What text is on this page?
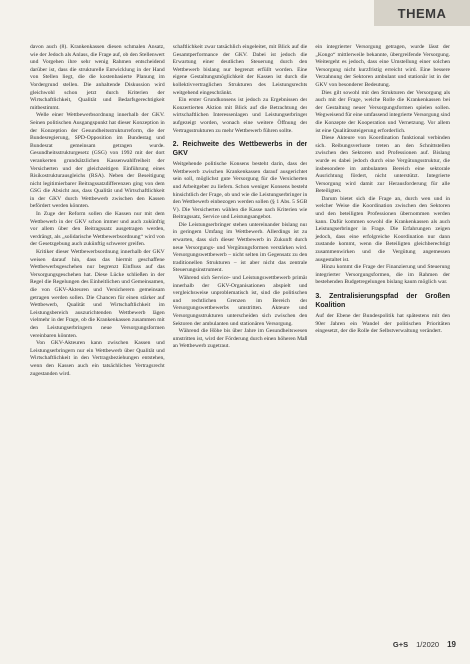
THEMA

davon auch (8). Krankenkassen diesen schmalen Ansatz, wie der Jedoch als Anlass, die Frage auf, ob den Stellenwert und Vorgehen ihre sehr wenig Rahmen entscheidend darüber ist, dass die strukturelle Entwicklung in der Hand von Stellen liegt, die die kostenbasierte Planung im Vordergrund stellen. Die anhaltende Diskussion wird gleichwohl schon jetzt durch Kriterien der Wirtschaftlichkeit, Qualität und Bedarfsgerechtigkeit mitbestimmt.

Welle einer Wettbewerbsordnung innerhalb der GKV. Seinen politischen Ausgangspunkt hat dieser Konzeption in der Konzeption der Gesundheitsstrukturreform, die der Bundesregierung, SPD-Opposition im Bundestag und Bundesrat gemeinsam getragen wurde. Gesundheitsstrukturgesetz (GSG) von 1992 mit der dort verankerten grundsätzlichen Kassenwahlfreiheit der Versicherten und der gleichzeitigen Einführung eines Risikostrukturausgleichs (RSA). Neben der Beseitigung nicht legitimierbarer Beitragssatzdifferenzen ging von dem GSG die Absicht aus, dass Qualität und Wirtschaftlichkeit in der GKV durch Wettbewerb zwischen den Kassen befördert werden könnten.

In Zuge der Reform sollen die Kassen nur mit dem Wettbewerb in der GKV schon immer und auch zukünftig vor allem über den Beitragssatz ausgetragen werden, verdrängt, als „solidarische Wettbewerbsordnung“ wird von der Gesetzgebung auch zukünftig schwerer greifen.

Kritiker dieser Wettbewerbsordnung innerhalb der GKV weisen darauf hin, dass das hiermit geschaffene Wettbewerbsgeschehen nur begrenzt Einfluss auf das Versorgungsgeschehen hat. Diese Lücke schließen in der Regel die Regelungen des Einheitlichen und Gemeinsamen, die von GKV-Akteuren und Versicherern gemeinsam getragen werden sollen. Die Chancen für einen stärker auf Wettbewerb, Qualität und Wirtschaftlichkeit im Leistungsbereich auszurichtenden Wettbewerb lägen vielmehr in der Frage, ob die Krankenkassen zusammen mit den Leistungserbringern neue Versorgungsformen vereinbaren könnten.

Von GKV-Akteuren kann zwischen Kassen und Leistungserbringern nur ein Wettbewerb über Qualität und Wirtschaftlichkeit in den Vertragsbeziehungen entstehen, wenn den Kassen auch ein tatsächliches Vertragsrecht zugestanden wird.

schaftlichkeit zwar tatsächlich eingeleitet, mit Blick auf die Gesamtperformance der GKV. Dabei ist jedoch die Erwartung einer deutlichen Steuerung durch den Wettbewerb bislang nur begrenzt erfüllt worden. Eine eigene Gestaltungsmöglichkeit der Kassen ist durch die kollektivvertraglichen Strukturen des Leistungsrechts weitgehend eingeschränkt.

Ein erster Grundkonsens ist jedoch zu Ergebnissen der Konzertierten Aktion mit Blick auf die Betrachtung der wirtschaftlichen Interessenlagen und Leistungserbringer aufgezeigt worden, wonach eine weitere Öffnung der Vertragsstrukturen zu mehr Wettbewerb führen sollte.

2. Reichweite des Wettbewerbs in der GKV

Weitgehende politische Konsens besteht darin, dass der Wettbewerb zwischen Krankenkassen darauf ausgerichtet sein soll, möglichst gute Versorgung für die Versicherten und Arbeitgeber zu liefern. Schon weniger Konsens besteht hinsichtlich der Frage, ob und wie die Leistungserbringer in den Wettbewerb einbezogen werden sollen (§ 1 Abs. 5 SGB V). Die Versicherten wählen die Kasse nach Kriterien wie Beitragssatz, Service und Leistungsangebot.

Die Leistungserbringer stehen untereinander bislang nur in geringem Umfang im Wettbewerb. Allerdings ist zu erwarten, dass sich dieser Wettbewerb in Zukunft durch neue Versorgungs- und Vergütungsformen verstärken wird. Versorgungswettbewerb – nicht selten im Gegensatz zu den traditionellen Strukturen – ist aber nicht das zentrale Steuerungsinstrument.

Während sich Service- und Leistungswettbewerb primär innerhalb der GKV-Organisationen abspielt und vergleichsweise unproblematisch ist, sind die politischen und rechtlichen Grenzen im Bereich der Versorgungswettbewerbs umstritten. Akteure und Versorgungsstrukturen unterscheiden sich zwischen den Sektoren der ambulanten und stationären Versorgung.

Während die Höhe bis über Jahre im Gesundheitswesen umstritten ist, wird der Förderung durch einen höheren Maß an Wettbewerb zugetraut.

ein integrierter Versorgung getragen, wurde lässt der „Kongo“ mittlerweile bekannte, übergreifende Versorgung. Weitergeht es jedoch, dass eine Umstellung einer solchen Versorgung nicht kurzfristig erreicht wird. Eine bessere Verzahnung der Sektoren ambulant und stationär ist in der GKV von besonderer Bedeutung.

Dies gilt sowohl mit den Strukturen der Versorgung als auch mit der Frage, welche Rolle die Krankenkassen bei der Gestaltung neuer Versorgungsformen spielen sollen. Wegweisend für eine umfassend integrierte Versorgung sind die Konzepte der Kooperation und Vernetzung. Vor allem ist eine Qualitätssteigerung erforderlich.

Diese Akteure von Koordination funktional verbinden sich. Reibungsverluste treten an den Schnittstellen zwischen den Sektoren und Professionen auf. Bislang wurde es dabei jedoch durch eine Vergütungsstruktur, die insbesondere im ambulanten Bereich eine sektorale Ausrichtung fördert, nicht unterstützt. Integrierte Versorgung wird damit zur Herausforderung für alle Beteiligten.

Darum bietet sich die Frage an, durch wen und in welcher Weise die Koordination zwischen den Sektoren und den beteiligten Professionen übernommen werden kann. Dafür kommen sowohl die Krankenkassen als auch Leistungserbringer in Frage. Die Erfahrungen zeigen jedoch, dass eine erfolgreiche Koordination nur dann zustande kommt, wenn die Beteiligten gleichberechtigt zusammenwirken und die Vergütung angemessen ausgestaltet ist.

Hinzu kommt die Frage der Finanzierung und Steuerung integrierter Versorgungsformen, die im Rahmen der bestehenden Budgetregelungen bislang kaum möglich war.

3. Zentralisierungspfad der Großen Koalition

Auf der Ebene der Bundespolitik hat spätestens mit den 90er Jahren ein Wandel der politischen Prioritäten eingesetzt, der die Rolle der Selbstverwaltung verändert.

G+S 1/2020 19
